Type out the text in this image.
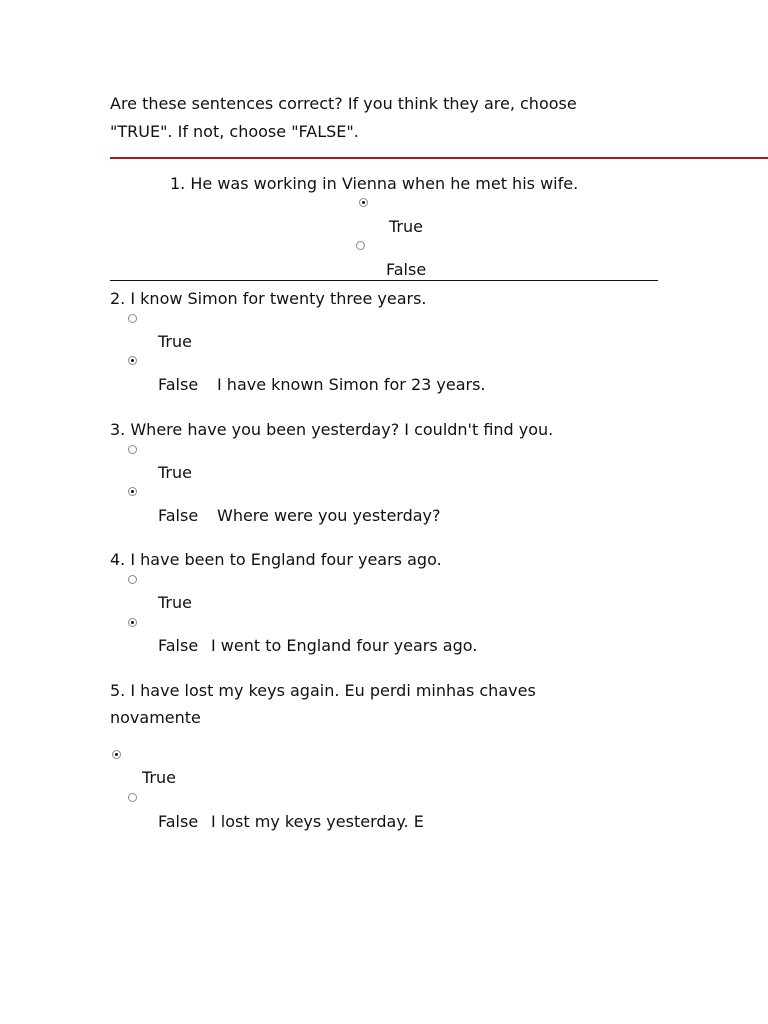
Are these sentences correct? If you think they are, choose
"TRUE". If not, choose "FALSE".
1. He was working in Vienna when he met his wife.
True
False
2. I know Simon for twenty three years.
True
False I have known Simon for 23 years.
3. Where have you been yesterday? I couldn't find you.
True
False Where were you yesterday?
4. I have been to England four years ago.
True
False I went to England four years ago.
5. I have lost my keys again. Eu perdi minhas chaves
novamente
True
False I lost my keys yesterday. E
